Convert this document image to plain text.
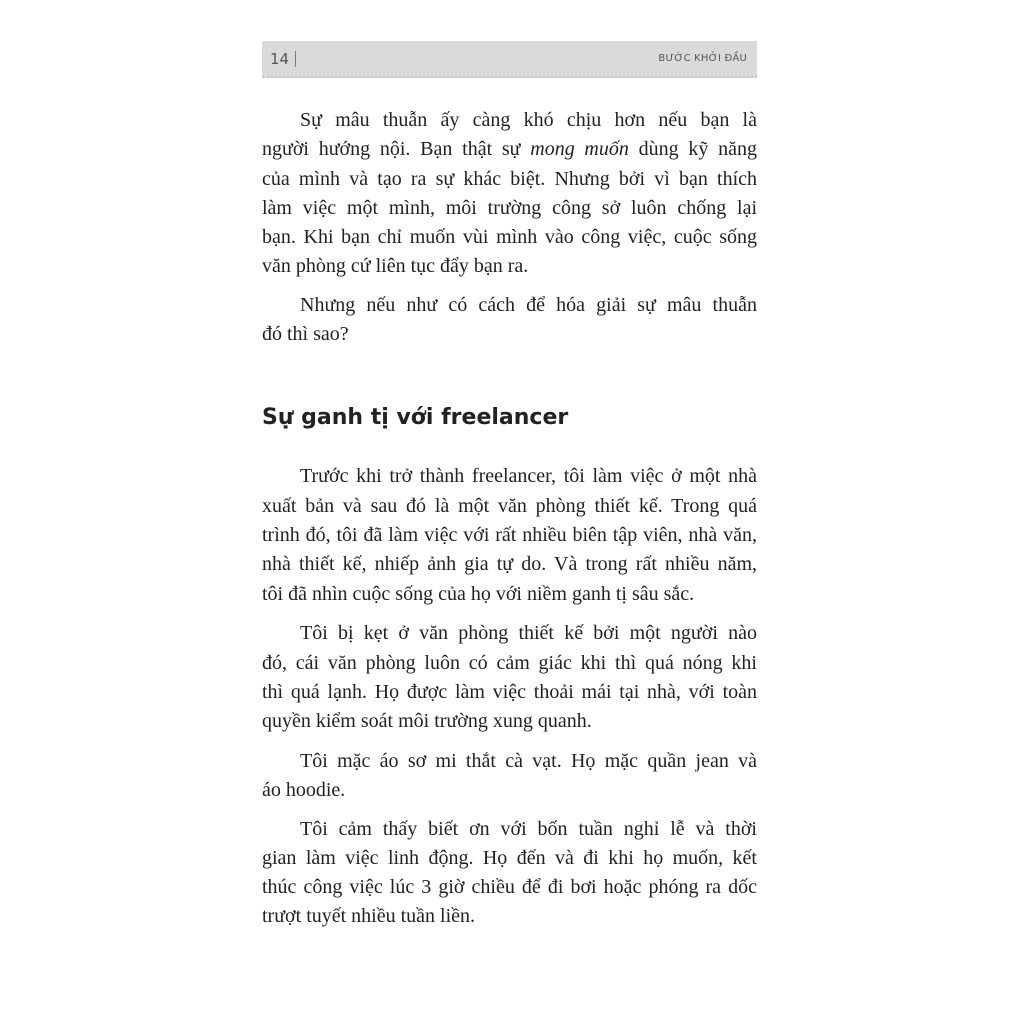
14	BƯỚC KHỞI ĐẦU
Sự ganh tị với freelancer
Sự mâu thuẫn ấy càng khó chịu hơn nếu bạn là
người hướng nội. Bạn thật sự mong muốn dùng kỹ năng
của mình và tạo ra sự khác biệt. Nhưng bởi vì bạn thích
làm việc một mình, môi trường công sở luôn chống lại
bạn. Khi bạn chỉ muốn vùi mình vào công việc, cuộc sống
văn phòng cứ liên tục đẩy bạn ra.
Nhưng nếu như có cách để hóa giải sự mâu thuẫn
đó thì sao?
Trước khi trở thành freelancer, tôi làm việc ở một nhà
xuất bản và sau đó là một văn phòng thiết kế. Trong quá
trình đó, tôi đã làm việc với rất nhiều biên tập viên, nhà văn,
nhà thiết kế, nhiếp ảnh gia tự do. Và trong rất nhiều năm,
tôi đã nhìn cuộc sống của họ với niềm ganh tị sâu sắc.
Tôi bị kẹt ở văn phòng thiết kế bởi một người nào
đó, cái văn phòng luôn có cảm giác khi thì quá nóng khi
thì quá lạnh. Họ được làm việc thoải mái tại nhà, với toàn
quyền kiểm soát môi trường xung quanh.
Tôi mặc áo sơ mi thắt cà vạt. Họ mặc quần jean và
áo hoodie.
Tôi cảm thấy biết ơn với bốn tuần nghỉ lễ và thời
gian làm việc linh động. Họ đến và đi khi họ muốn, kết
thúc công việc lúc 3 giờ chiều để đi bơi hoặc phóng ra dốc
trượt tuyết nhiều tuần liền.
